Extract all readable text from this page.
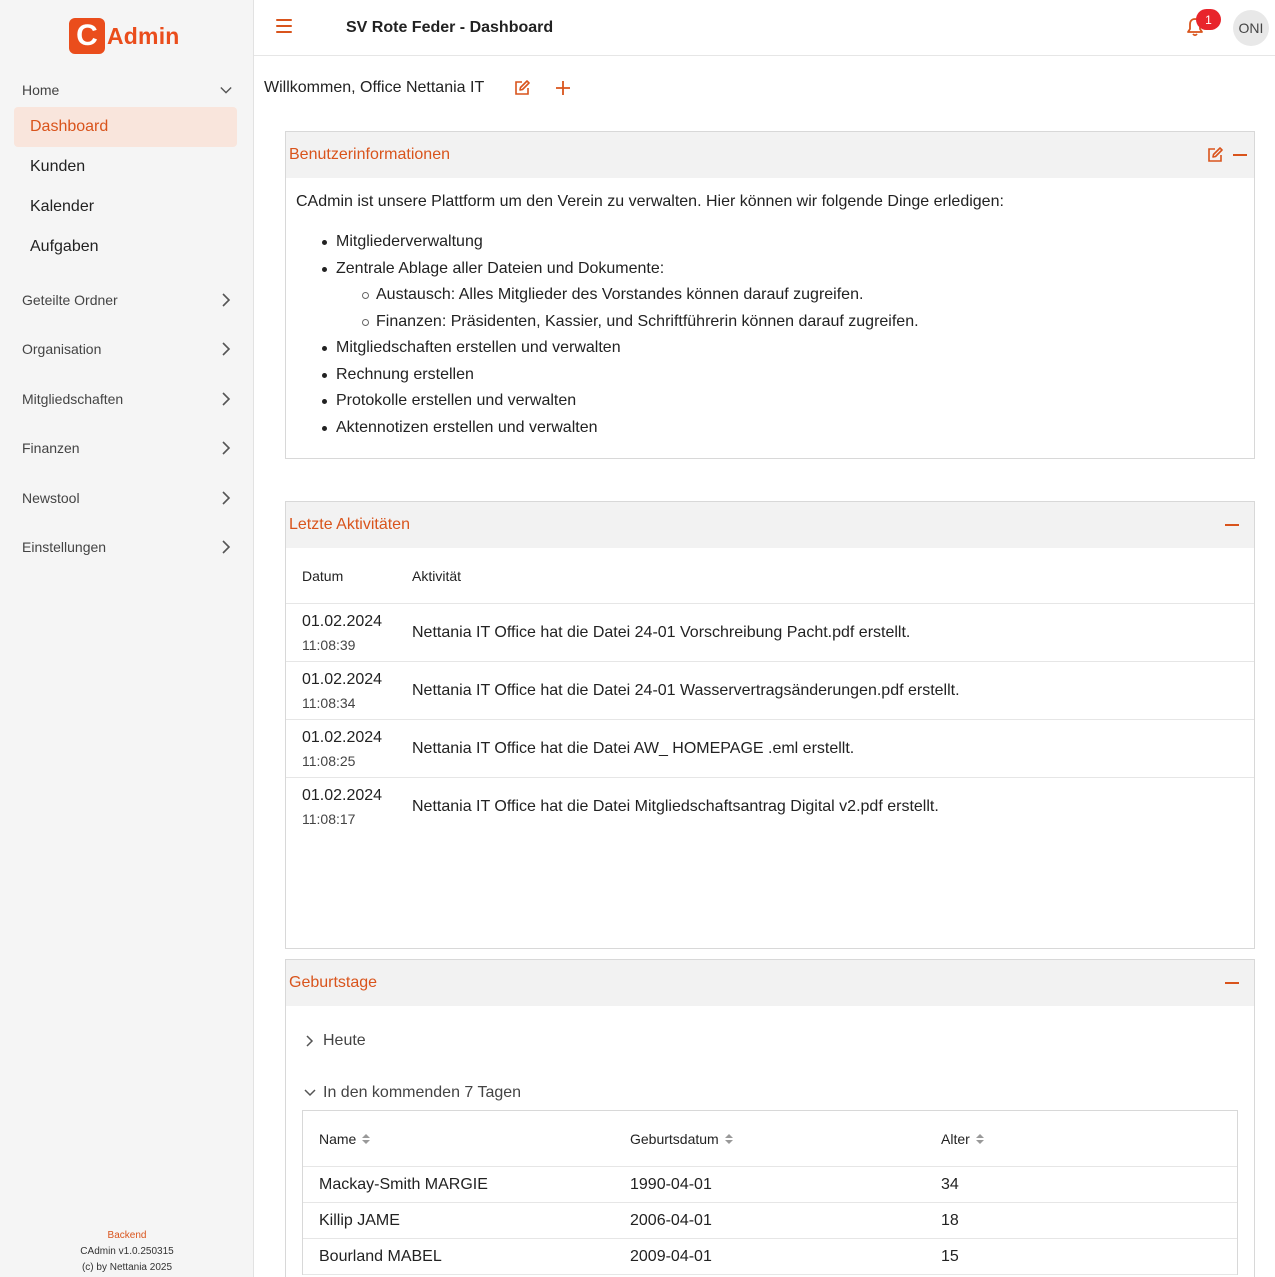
C Admin
Home
Dashboard
Kunden
Kalender
Aufgaben
Geteilte Ordner
Organisation
Mitgliedschaften
Finanzen
Newstool
Einstellungen
Backend
CAdmin v1.0.250315
(c) by Nettania 2025
SV Rote Feder - Dashboard	1
ONI
Willkommen, Office Nettania IT
Benutzerinformationen

CAdmin ist unsere Plattform um den Verein zu verwalten. Hier können wir folgende Dinge erledigen:

Mitgliederverwaltung
Zentrale Ablage aller Dateien und Dokumente:
Austausch: Alles Mitglieder des Vorstandes können darauf zugreifen.
Finanzen: Präsidenten, Kassier, und Schriftführerin können darauf zugreifen.
Mitgliedschaften erstellen und verwalten
Rechnung erstellen
Protokolle erstellen und verwalten
Aktennotizen erstellen und verwalten
Letzte Aktivitäten
Datum	Aktivität
01.02.2024
11:08:39
Nettania IT Office hat die Datei 24-01 Vorschreibung Pacht.pdf erstellt.
01.02.2024
11:08:34
Nettania IT Office hat die Datei 24-01 Wasservertragsänderungen.pdf erstellt.
01.02.2024
11:08:25
Nettania IT Office hat die Datei AW_ HOMEPAGE .eml erstellt.
01.02.2024
11:08:17
Nettania IT Office hat die Datei Mitgliedschaftsantrag Digital v2.pdf erstellt.
Geburtstage
Heute
In den kommenden 7 Tagen
Name	Geburtsdatum	Alter
Mackay-Smith MARGIE	1990-04-01	34
Killip JAME	2006-04-01	18
Bourland MABEL	2009-04-01	15
